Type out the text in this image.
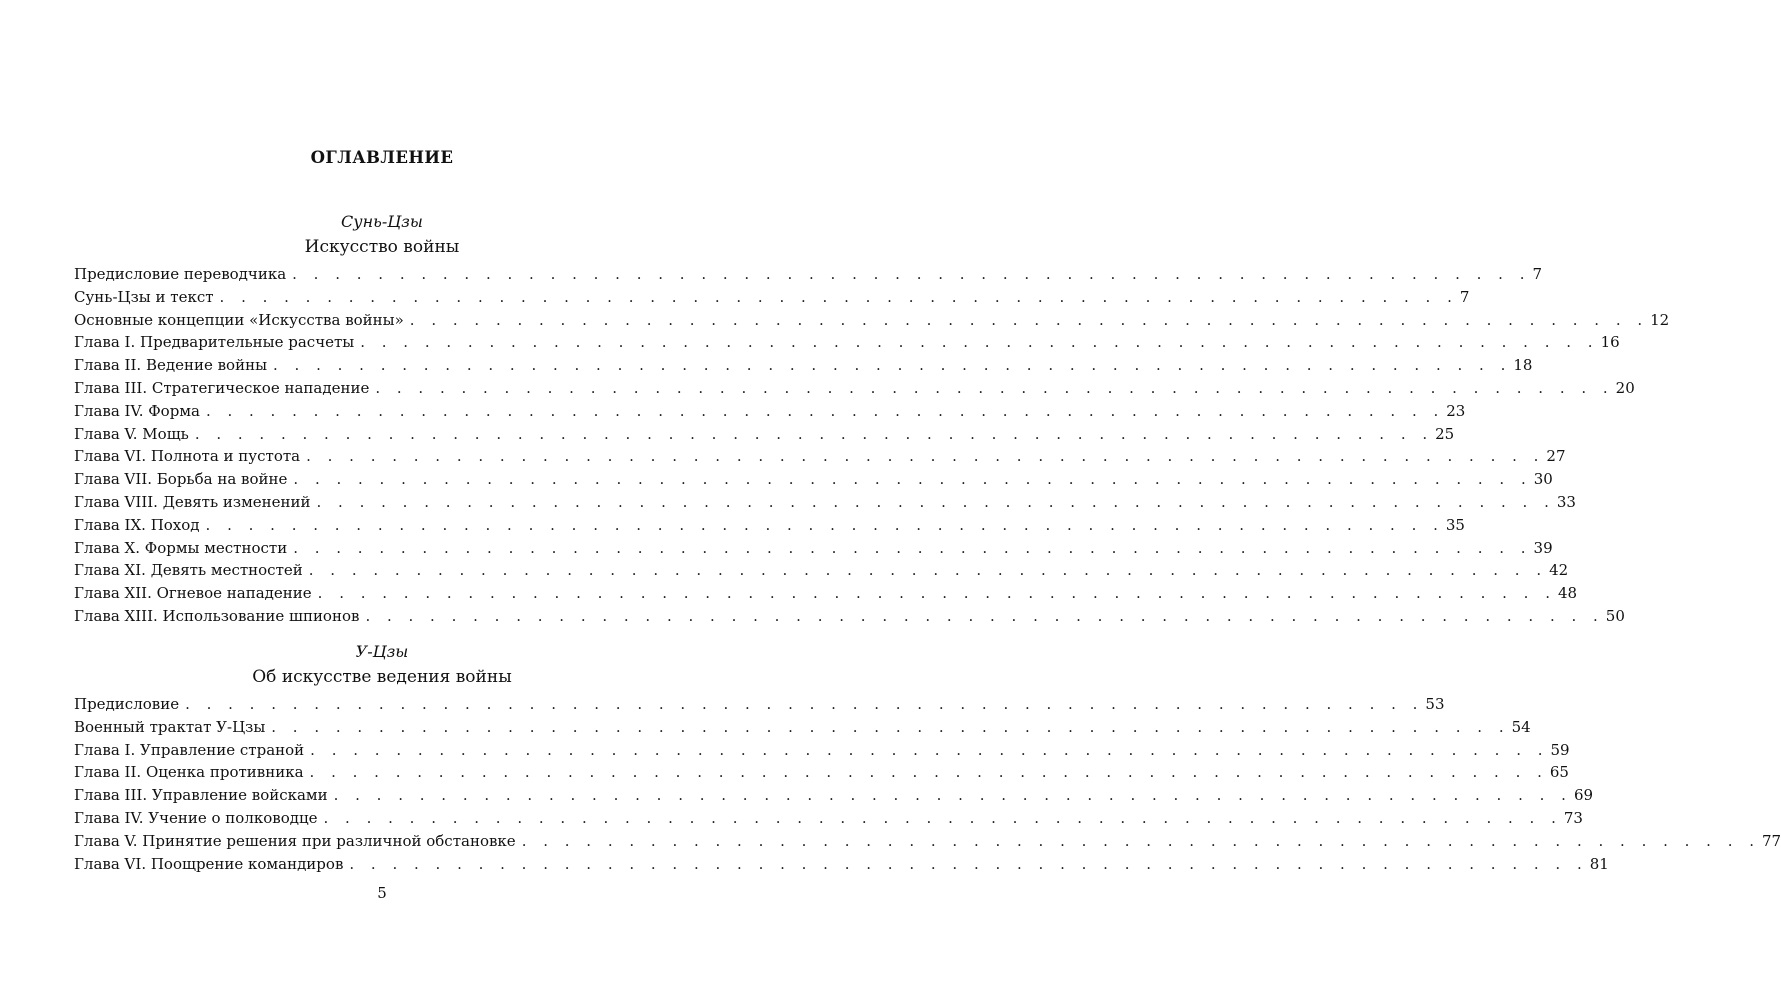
ОГЛАВЛЕНИЕ
Сунь-Цзы
Искусство войны
Предисловие переводчика . . . . . . . . . . . . . . . . . . . . . . . . . . . . . . . . . . . . . . . . . . . . . . . . . . . . . . . . . . 7
Сунь-Цзы и текст . . . . . . . . . . . . . . . . . . . . . . . . . . . . . . . . . . . . . . . . . . . . . . . . . . . . . . . . . . 7
Основные концепции «Искусства войны» . . . . . . . . . . . . . . . . . . . . . . . . . . . . . . . . . . . . . . . . . . . . . . . . . . . . . . . . . . 12
Глава I. Предварительные расчеты . . . . . . . . . . . . . . . . . . . . . . . . . . . . . . . . . . . . . . . . . . . . . . . . . . . . . . . . . . 16
Глава II. Ведение войны . . . . . . . . . . . . . . . . . . . . . . . . . . . . . . . . . . . . . . . . . . . . . . . . . . . . . . . . . . 18
Глава III. Стратегическое нападение . . . . . . . . . . . . . . . . . . . . . . . . . . . . . . . . . . . . . . . . . . . . . . . . . . . . . . . . . . 20
Глава IV. Форма . . . . . . . . . . . . . . . . . . . . . . . . . . . . . . . . . . . . . . . . . . . . . . . . . . . . . . . . . . 23
Глава V. Мощь . . . . . . . . . . . . . . . . . . . . . . . . . . . . . . . . . . . . . . . . . . . . . . . . . . . . . . . . . . 25
Глава VI. Полнота и пустота . . . . . . . . . . . . . . . . . . . . . . . . . . . . . . . . . . . . . . . . . . . . . . . . . . . . . . . . . . 27
Глава VII. Борьба на войне . . . . . . . . . . . . . . . . . . . . . . . . . . . . . . . . . . . . . . . . . . . . . . . . . . . . . . . . . . 30
Глава VIII. Девять изменений . . . . . . . . . . . . . . . . . . . . . . . . . . . . . . . . . . . . . . . . . . . . . . . . . . . . . . . . . . 33
Глава IX. Поход . . . . . . . . . . . . . . . . . . . . . . . . . . . . . . . . . . . . . . . . . . . . . . . . . . . . . . . . . . 35
Глава X. Формы местности . . . . . . . . . . . . . . . . . . . . . . . . . . . . . . . . . . . . . . . . . . . . . . . . . . . . . . . . . . 39
Глава XI. Девять местностей . . . . . . . . . . . . . . . . . . . . . . . . . . . . . . . . . . . . . . . . . . . . . . . . . . . . . . . . . . 42
Глава XII. Огневое нападение . . . . . . . . . . . . . . . . . . . . . . . . . . . . . . . . . . . . . . . . . . . . . . . . . . . . . . . . . . 48
Глава XIII. Использование шпионов . . . . . . . . . . . . . . . . . . . . . . . . . . . . . . . . . . . . . . . . . . . . . . . . . . . . . . . . . . 50
У-Цзы
Об искусстве ведения войны
Предисловие . . . . . . . . . . . . . . . . . . . . . . . . . . . . . . . . . . . . . . . . . . . . . . . . . . . . . . . . . . 53
Военный трактат У-Цзы . . . . . . . . . . . . . . . . . . . . . . . . . . . . . . . . . . . . . . . . . . . . . . . . . . . . . . . . . . 54
Глава I. Управление страной . . . . . . . . . . . . . . . . . . . . . . . . . . . . . . . . . . . . . . . . . . . . . . . . . . . . . . . . . . 59
Глава II. Оценка противника . . . . . . . . . . . . . . . . . . . . . . . . . . . . . . . . . . . . . . . . . . . . . . . . . . . . . . . . . . 65
Глава III. Управление войсками . . . . . . . . . . . . . . . . . . . . . . . . . . . . . . . . . . . . . . . . . . . . . . . . . . . . . . . . . . 69
Глава IV. Учение о полководце . . . . . . . . . . . . . . . . . . . . . . . . . . . . . . . . . . . . . . . . . . . . . . . . . . . . . . . . . . 73
Глава V. Принятие решения при различной обстановке . . . . . . . . . . . . . . . . . . . . . . . . . . . . . . . . . . . . . . . . . . . . . . . . . . . . . . . . . . 77
Глава VI. Поощрение командиров . . . . . . . . . . . . . . . . . . . . . . . . . . . . . . . . . . . . . . . . . . . . . . . . . . . . . . . . . . 81
5
